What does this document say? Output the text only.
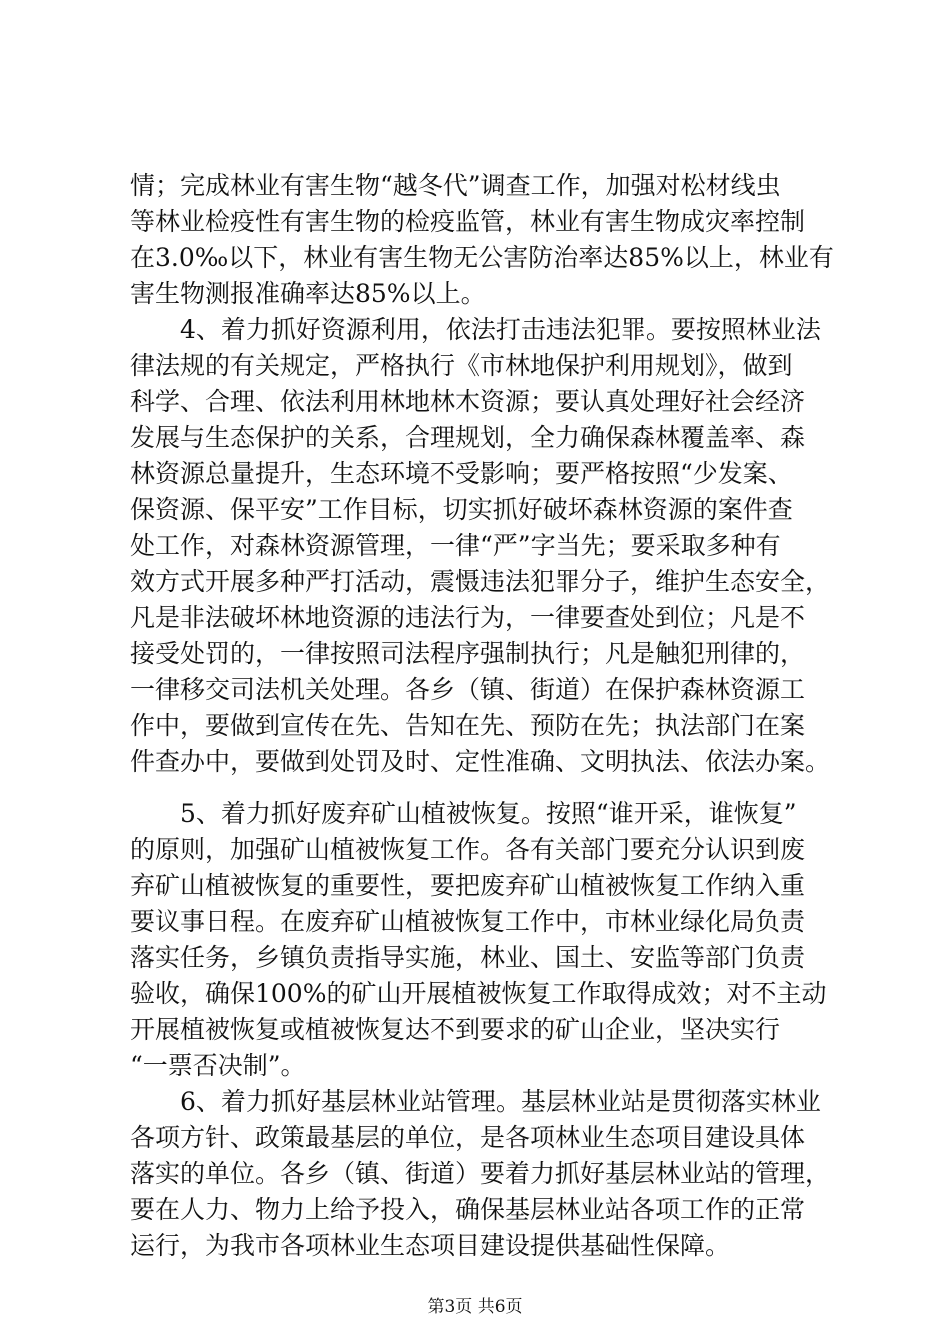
情；完成林业有害生物“越冬代”调查工作，加强对松材线虫
等林业检疫性有害生物的检疫监管，林业有害生物成灾率控制
在3.0‰以下，林业有害生物无公害防治率达85%以上，林业有
害生物测报准确率达85%以上。
　　4、着力抓好资源利用，依法打击违法犯罪。要按照林业法
律法规的有关规定，严格执行《市林地保护利用规划》，做到
科学、合理、依法利用林地林木资源；要认真处理好社会经济
发展与生态保护的关系，合理规划，全力确保森林覆盖率、森
林资源总量提升，生态环境不受影响；要严格按照“少发案、
保资源、保平安”工作目标，切实抓好破坏森林资源的案件查
处工作，对森林资源管理，一律“严”字当先；要采取多种有
效方式开展多种严打活动，震慑违法犯罪分子，维护生态安全，
凡是非法破坏林地资源的违法行为，一律要查处到位；凡是不
接受处罚的，一律按照司法程序强制执行；凡是触犯刑律的，
一律移交司法机关处理。各乡（镇、街道）在保护森林资源工
作中，要做到宣传在先、告知在先、预防在先；执法部门在案
件查办中，要做到处罚及时、定性准确、文明执法、依法办案。
　　5、着力抓好废弃矿山植被恢复。按照“谁开采，谁恢复”
的原则，加强矿山植被恢复工作。各有关部门要充分认识到废
弃矿山植被恢复的重要性，要把废弃矿山植被恢复工作纳入重
要议事日程。在废弃矿山植被恢复工作中，市林业绿化局负责
落实任务，乡镇负责指导实施，林业、国土、安监等部门负责
验收，确保100%的矿山开展植被恢复工作取得成效；对不主动
开展植被恢复或植被恢复达不到要求的矿山企业，坚决实行
“一票否决制”。
　　6、着力抓好基层林业站管理。基层林业站是贯彻落实林业
各项方针、政策最基层的单位，是各项林业生态项目建设具体
落实的单位。各乡（镇、街道）要着力抓好基层林业站的管理，
要在人力、物力上给予投入，确保基层林业站各项工作的正常
运行，为我市各项林业生态项目建设提供基础性保障。
第3页 共6页
